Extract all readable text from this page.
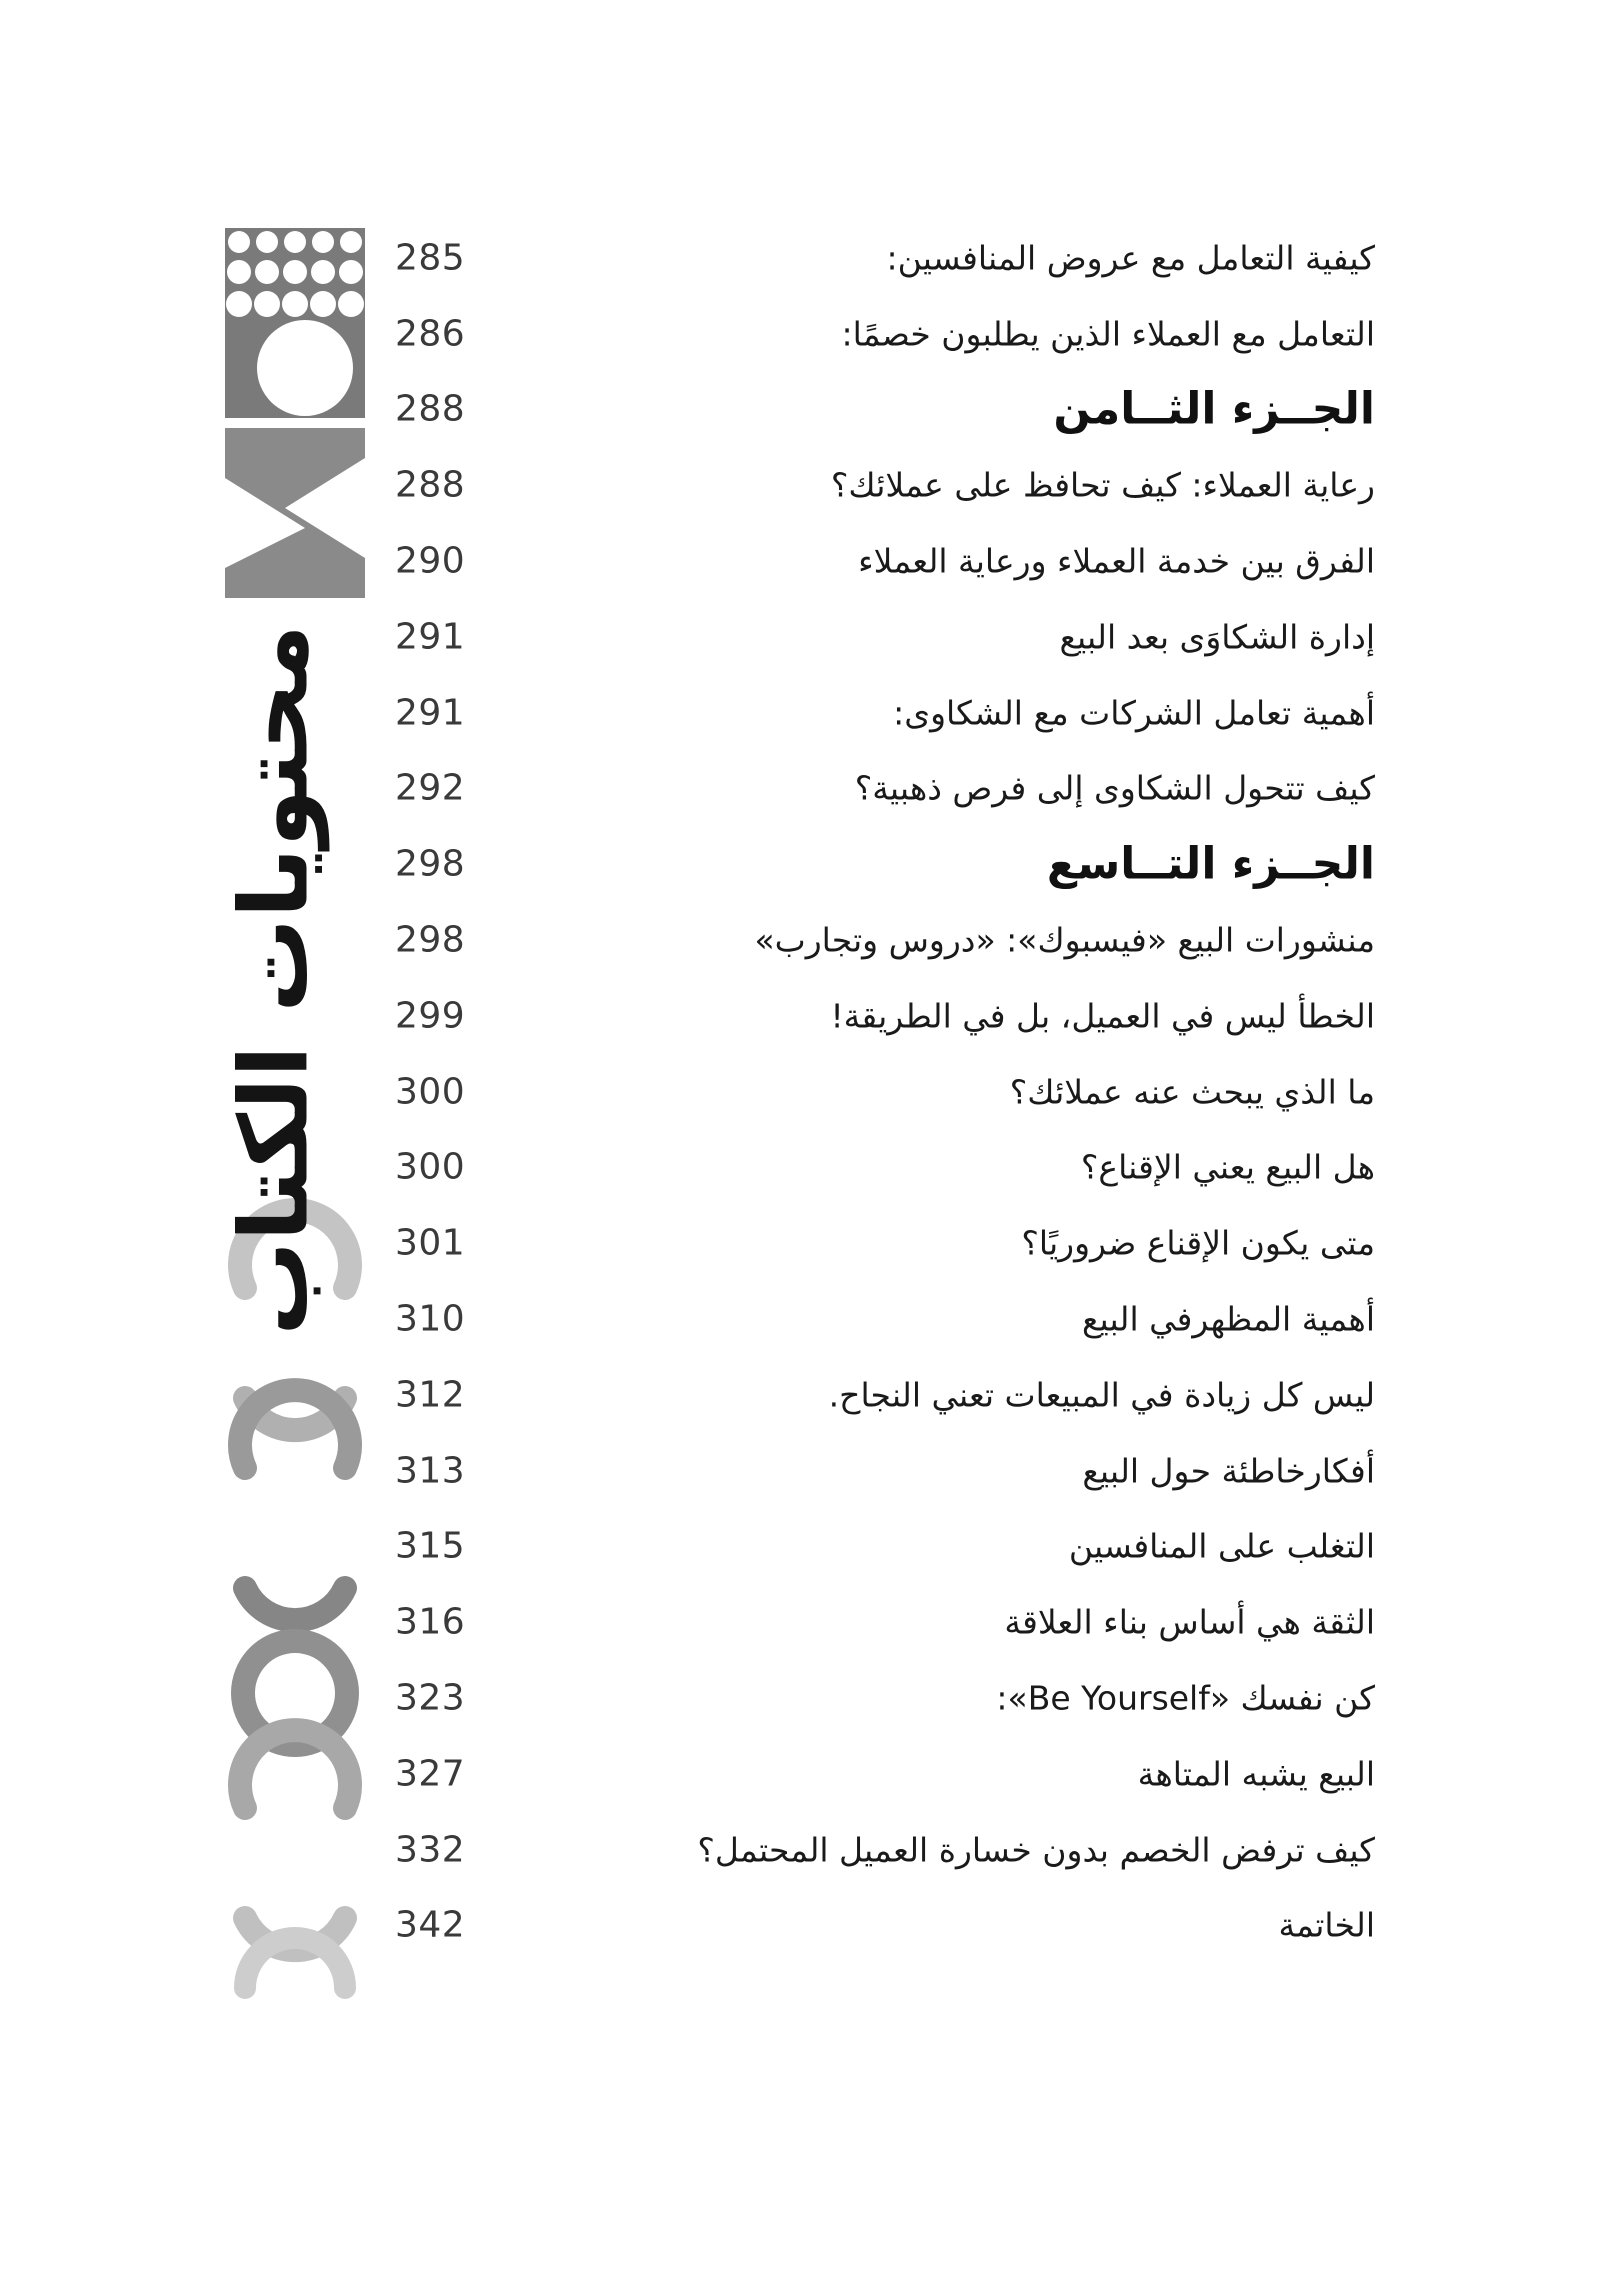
محتويات الكتاب
285	كيفية التعامل مع عروض المنافسين:
286	التعامل مع العملاء الذين يطلبون خصمًا:
288	الجــزء الثــامن
288	رعاية العملاء: كيف تحافظ على عملائك؟
290	الفرق بين خدمة العملاء ورعاية العملاء
291	إدارة الشكاوَى بعد البيع
291	أهمية تعامل الشركات مع الشكاوى:
292	كيف تتحول الشكاوى إلى فرص ذهبية؟
298	الجــزء التــاسع
298	منشورات البيع «فيسبوك»: «دروس وتجارب»
299	الخطأ ليس في العميل، بل في الطريقة!
300	ما الذي يبحث عنه عملائك؟
300	هل البيع يعني الإقناع؟
301	متى يكون الإقناع ضروريًا؟
310	أهمية المظهرفي البيع
312	ليس كل زيادة في المبيعات تعني النجاح.
313	أفكارخاطئة حول البيع
315	التغلب على المنافسين
316	الثقة هي أساس بناء العلاقة
323	كن نفسك «Be Yourself»:
327	البيع يشبه المتاهة
332	كيف ترفض الخصم بدون خسارة العميل المحتمل؟
342	الخاتمة
